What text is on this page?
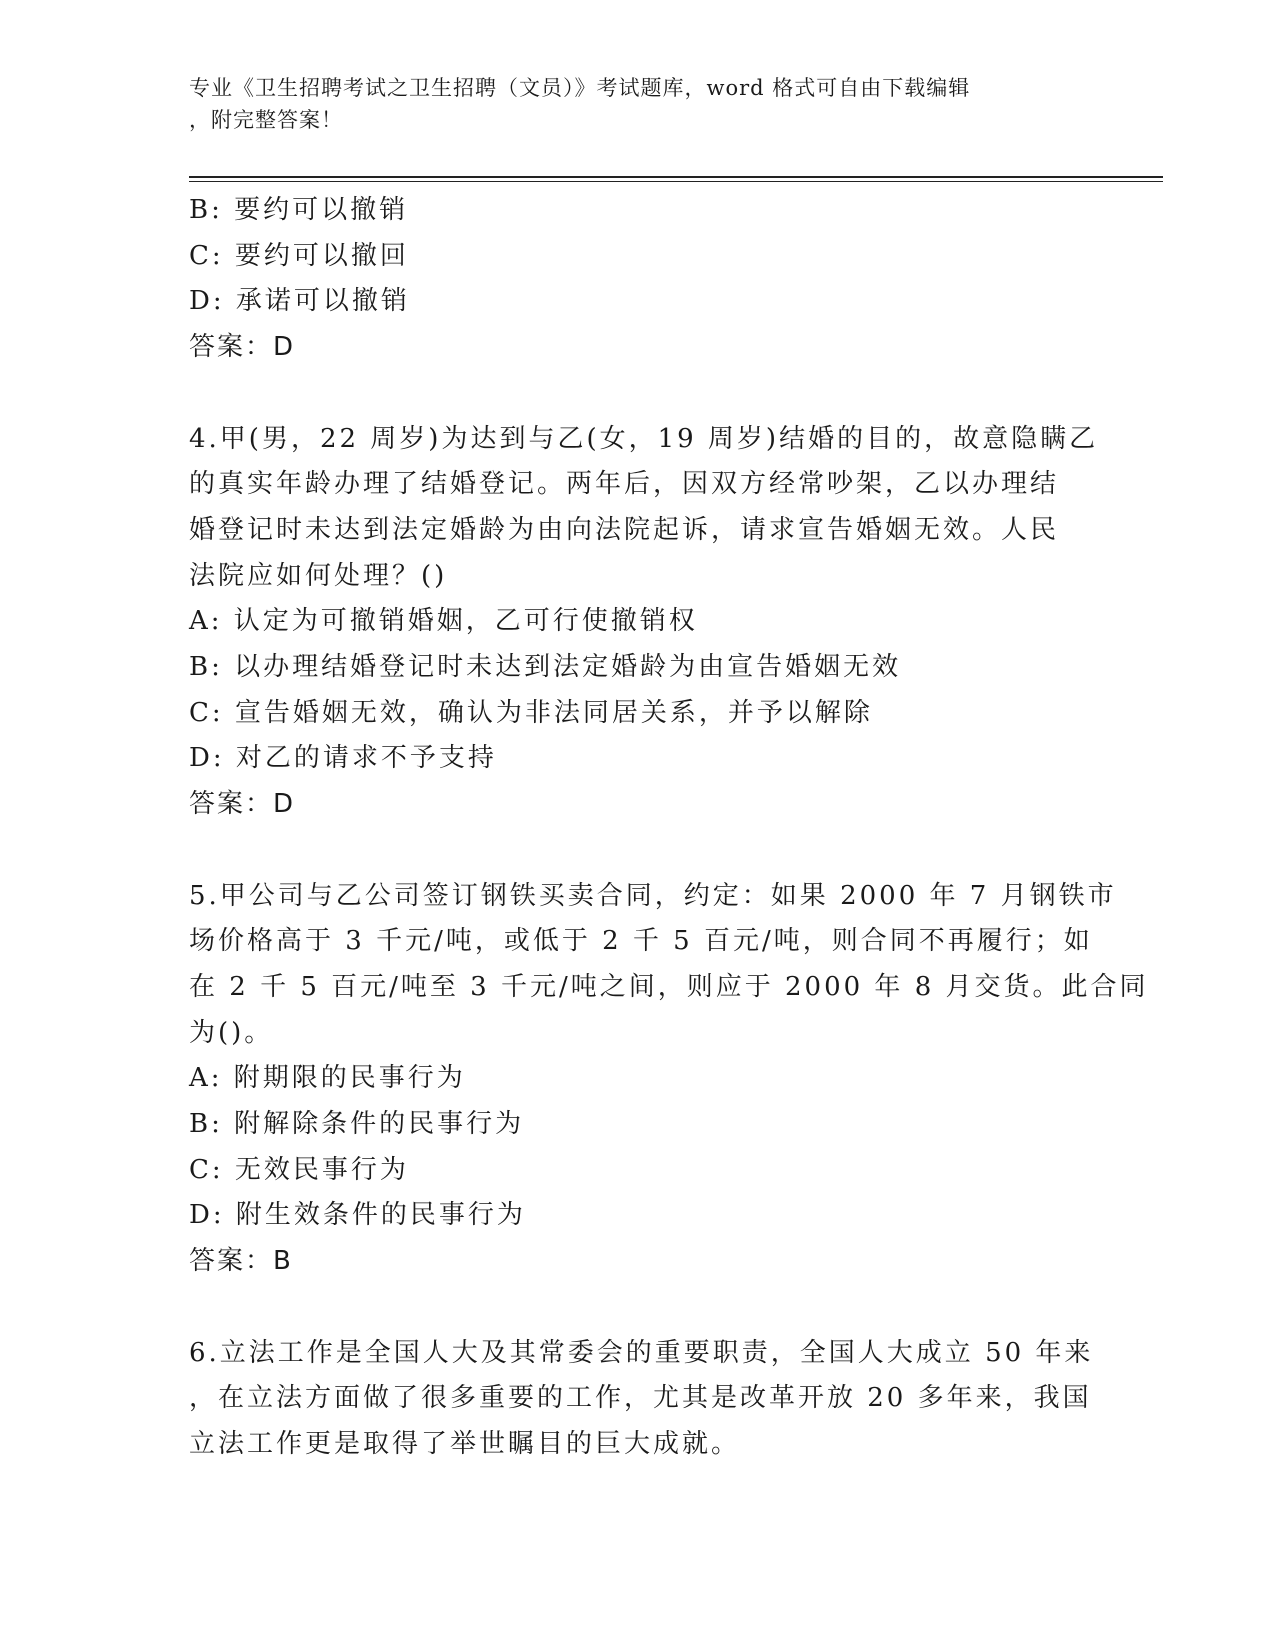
专业《卫生招聘考试之卫生招聘（文员）》考试题库，word 格式可自由下载编辑
，附完整答案！
B: 要约可以撤销
C: 要约可以撤回
D: 承诺可以撤销
答案：D
4.甲(男，22 周岁)为达到与乙(女，19 周岁)结婚的目的，故意隐瞒乙
的真实年龄办理了结婚登记。两年后，因双方经常吵架，乙以办理结
婚登记时未达到法定婚龄为由向法院起诉，请求宣告婚姻无效。人民
法院应如何处理？()
A: 认定为可撤销婚姻，乙可行使撤销权
B: 以办理结婚登记时未达到法定婚龄为由宣告婚姻无效
C: 宣告婚姻无效，确认为非法同居关系，并予以解除
D: 对乙的请求不予支持
答案：D
5.甲公司与乙公司签订钢铁买卖合同，约定：如果 2000 年 7 月钢铁市
场价格高于 3 千元/吨，或低于 2 千 5 百元/吨，则合同不再履行；如
在 2 千 5 百元/吨至 3 千元/吨之间，则应于 2000 年 8 月交货。此合同
为()。
A: 附期限的民事行为
B: 附解除条件的民事行为
C: 无效民事行为
D: 附生效条件的民事行为
答案：B
6.立法工作是全国人大及其常委会的重要职责，全国人大成立 50 年来
，在立法方面做了很多重要的工作，尤其是改革开放 20 多年来，我国
立法工作更是取得了举世瞩目的巨大成就。
